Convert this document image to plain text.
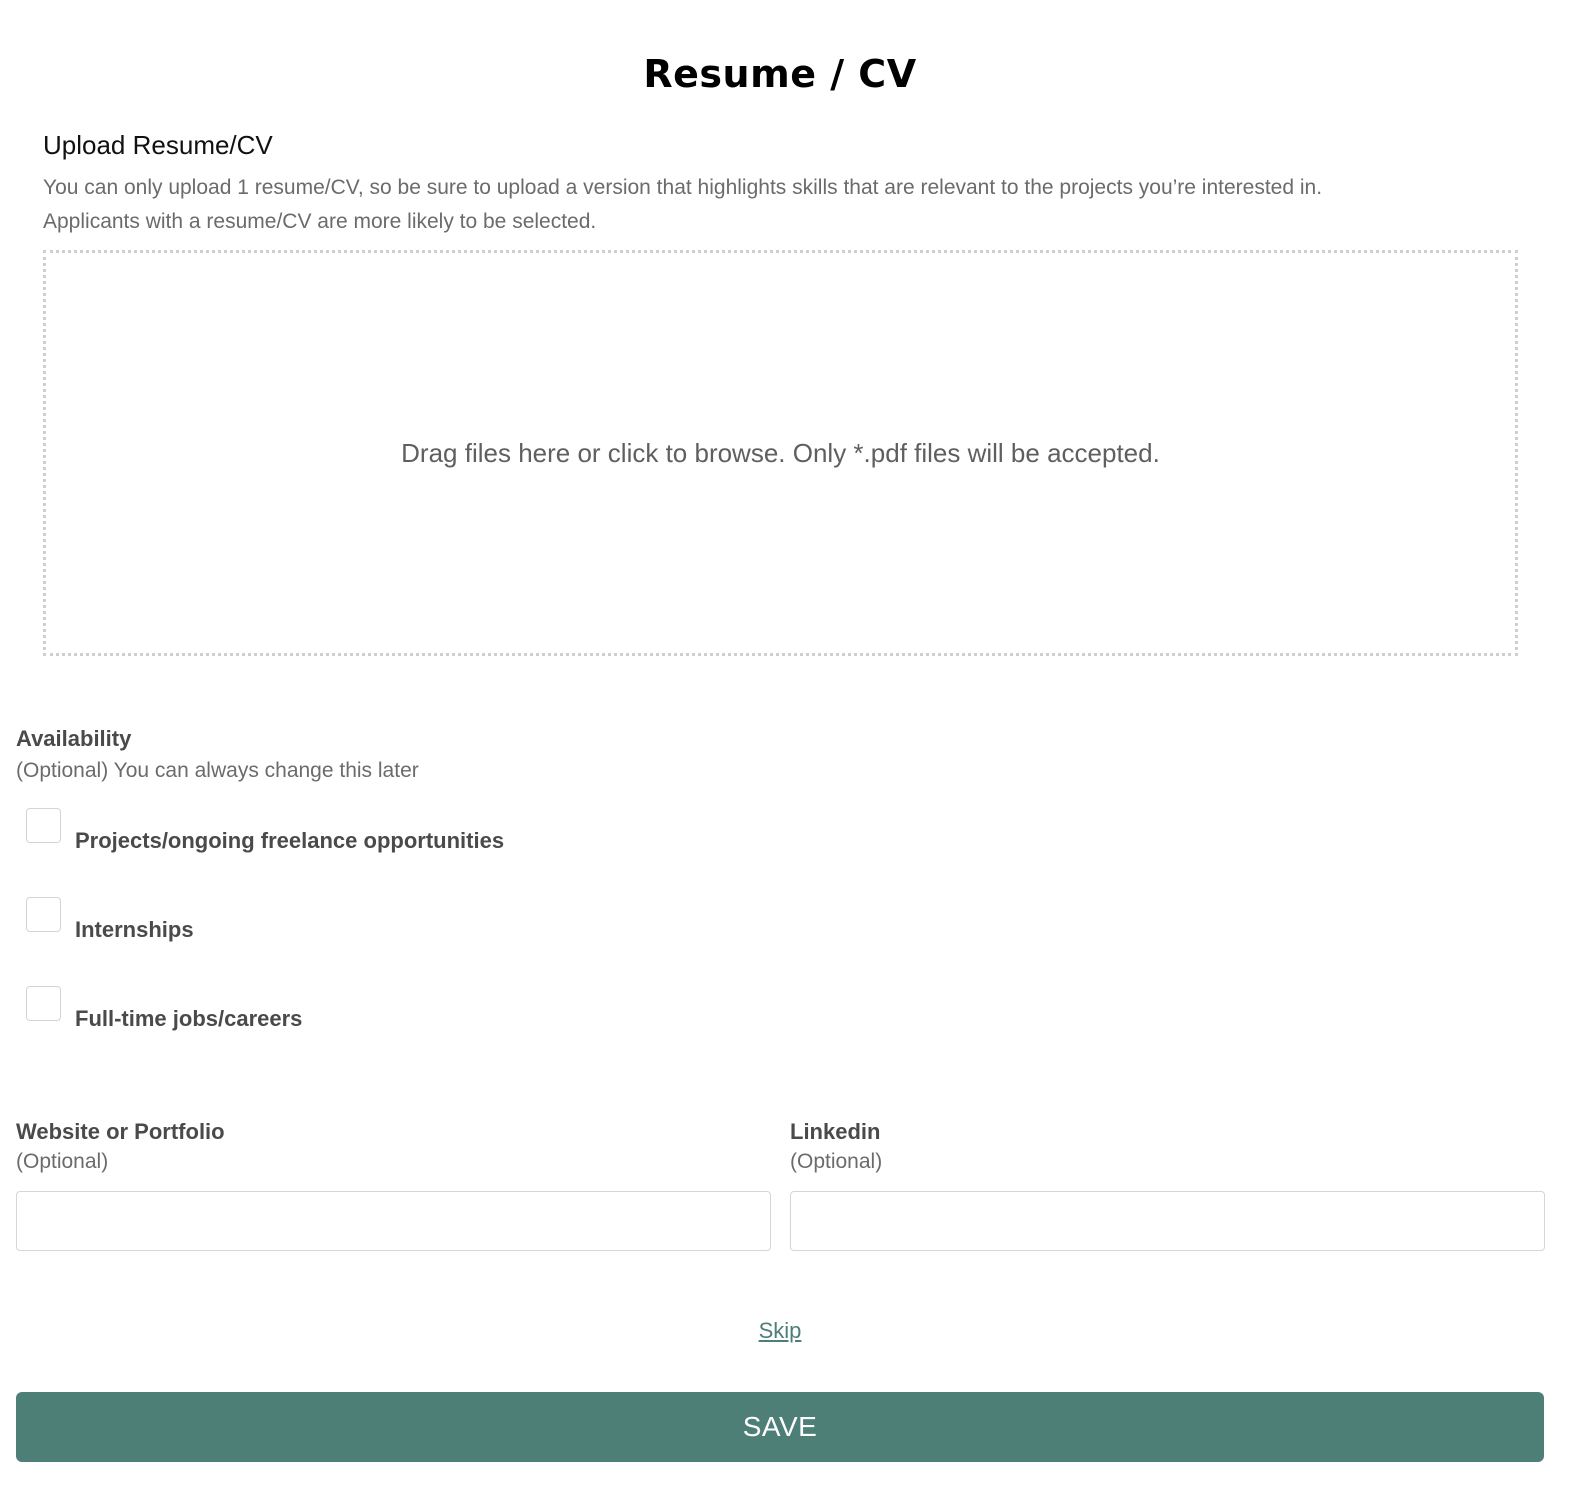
Resume / CV
Upload Resume/CV
You can only upload 1 resume/CV, so be sure to upload a version that highlights skills that are relevant to the projects you’re interested in.
Applicants with a resume/CV are more likely to be selected.
Drag files here or click to browse. Only *.pdf files will be accepted.
Availability
(Optional) You can always change this later
Projects/ongoing freelance opportunities
Internships
Full-time jobs/careers
Website or Portfolio
(Optional)
Linkedin
(Optional)
Skip
SAVE
